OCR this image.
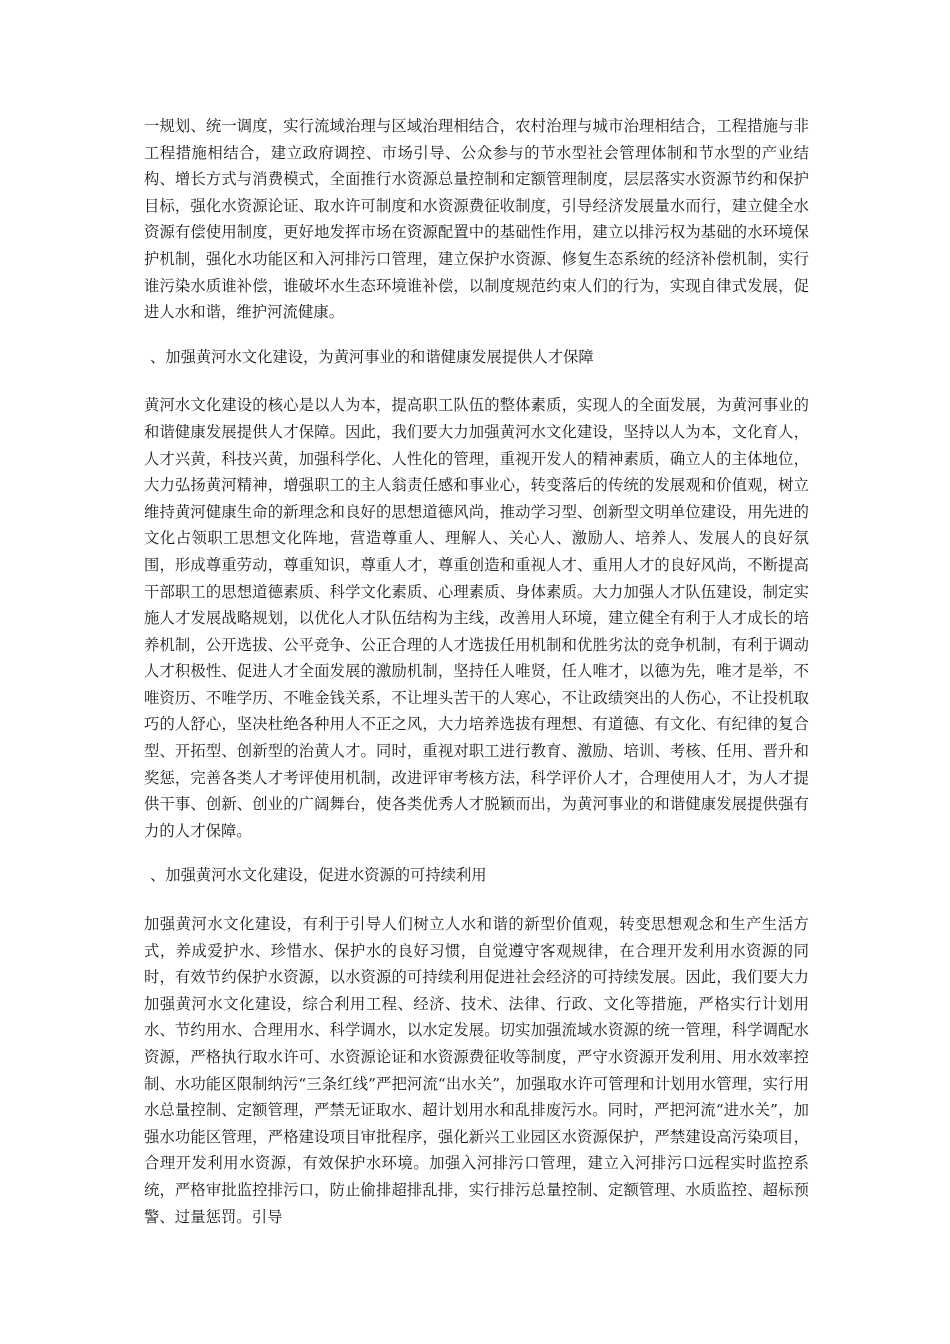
一规划、统一调度，实行流域治理与区域治理相结合，农村治理与城市治理相结合，工程措施与非工程措施相结合，建立政府调控、市场引导、公众参与的节水型社会管理体制和节水型的产业结构、增长方式与消费模式，全面推行水资源总量控制和定额管理制度，层层落实水资源节约和保护目标，强化水资源论证、取水许可制度和水资源费征收制度，引导经济发展量水而行，建立健全水资源有偿使用制度，更好地发挥市场在资源配置中的基础性作用，建立以排污权为基础的水环境保护机制，强化水功能区和入河排污口管理，建立保护水资源、修复生态系统的经济补偿机制，实行谁污染水质谁补偿，谁破坏水生态环境谁补偿，以制度规范约束人们的行为，实现自律式发展，促进人水和谐，维护河流健康。

、加强黄河水文化建设，为黄河事业的和谐健康发展提供人才保障

黄河水文化建设的核心是以人为本，提高职工队伍的整体素质，实现人的全面发展，为黄河事业的和谐健康发展提供人才保障。因此，我们要大力加强黄河水文化建设，坚持以人为本，文化育人，人才兴黄，科技兴黄，加强科学化、人性化的管理，重视开发人的精神素质，确立人的主体地位，大力弘扬黄河精神，增强职工的主人翁责任感和事业心，转变落后的传统的发展观和价值观，树立维持黄河健康生命的新理念和良好的思想道德风尚，推动学习型、创新型文明单位建设，用先进的文化占领职工思想文化阵地，营造尊重人、理解人、关心人、激励人、培养人、发展人的良好氛围，形成尊重劳动，尊重知识，尊重人才，尊重创造和重视人才、重用人才的良好风尚，不断提高干部职工的思想道德素质、科学文化素质、心理素质、身体素质。大力加强人才队伍建设，制定实施人才发展战略规划，以优化人才队伍结构为主线，改善用人环境，建立健全有利于人才成长的培养机制，公开选拔、公平竞争、公正合理的人才选拔任用机制和优胜劣汰的竞争机制，有利于调动人才积极性、促进人才全面发展的激励机制，坚持任人唯贤，任人唯才，以德为先，唯才是举，不唯资历、不唯学历、不唯金钱关系，不让埋头苦干的人寒心，不让政绩突出的人伤心，不让投机取巧的人舒心，坚决杜绝各种用人不正之风，大力培养选拔有理想、有道德、有文化、有纪律的复合型、开拓型、创新型的治黄人才。同时，重视对职工进行教育、激励、培训、考核、任用、晋升和奖惩，完善各类人才考评使用机制，改进评审考核方法，科学评价人才，合理使用人才，为人才提供干事、创新、创业的广阔舞台，使各类优秀人才脱颖而出，为黄河事业的和谐健康发展提供强有力的人才保障。

、加强黄河水文化建设，促进水资源的可持续利用

加强黄河水文化建设，有利于引导人们树立人水和谐的新型价值观，转变思想观念和生产生活方式，养成爱护水、珍惜水、保护水的良好习惯，自觉遵守客观规律，在合理开发利用水资源的同时，有效节约保护水资源，以水资源的可持续利用促进社会经济的可持续发展。因此，我们要大力加强黄河水文化建设，综合利用工程、经济、技术、法律、行政、文化等措施，严格实行计划用水、节约用水、合理用水、科学调水，以水定发展。切实加强流域水资源的统一管理，科学调配水资源，严格执行取水许可、水资源论证和水资源费征收等制度，严守水资源开发利用、用水效率控制、水功能区限制纳污“三条红线”严把河流“出水关”，加强取水许可管理和计划用水管理，实行用水总量控制、定额管理，严禁无证取水、超计划用水和乱排废污水。同时，严把河流“进水关”，加强水功能区管理，严格建设项目审批程序，强化新兴工业园区水资源保护，严禁建设高污染项目，合理开发利用水资源，有效保护水环境。加强入河排污口管理，建立入河排污口远程实时监控系统，严格审批监控排污口，防止偷排超排乱排，实行排污总量控制、定额管理、水质监控、超标预警、过量惩罚。引导
